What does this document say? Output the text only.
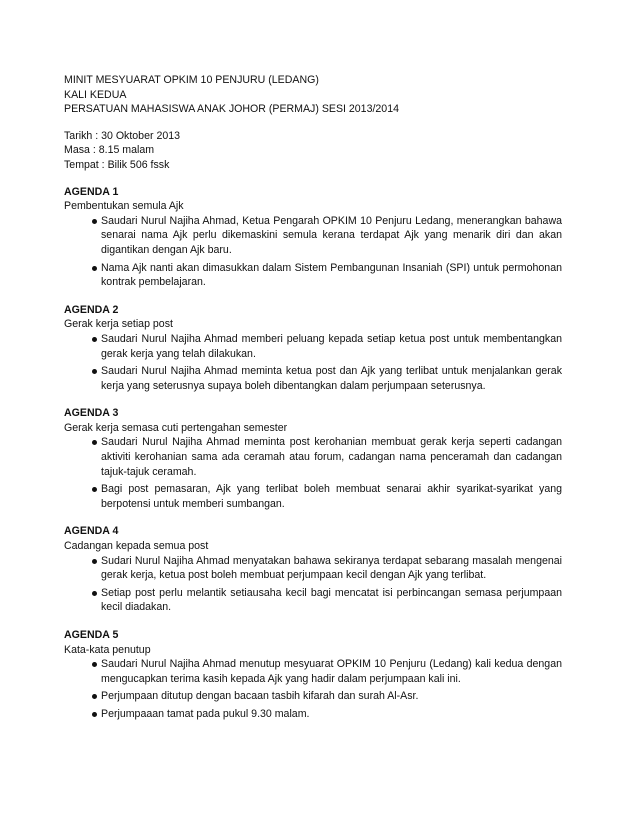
MINIT MESYUARAT OPKIM 10 PENJURU (LEDANG)
KALI KEDUA
PERSATUAN MAHASISWA ANAK JOHOR (PERMAJ) SESI 2013/2014
Tarikh : 30 Oktober 2013
Masa : 8.15 malam
Tempat : Bilik 506 fssk
AGENDA 1
Pembentukan semula Ajk
Saudari Nurul Najiha Ahmad, Ketua Pengarah OPKIM 10 Penjuru Ledang, menerangkan bahawa senarai nama Ajk perlu dikemaskini semula kerana terdapat Ajk yang menarik diri dan akan digantikan dengan Ajk baru.
Nama Ajk nanti akan dimasukkan dalam Sistem Pembangunan Insaniah (SPI) untuk permohonan kontrak pembelajaran.
AGENDA 2
Gerak kerja setiap post
Saudari Nurul Najiha Ahmad memberi peluang kepada setiap ketua post untuk membentangkan gerak kerja yang telah dilakukan.
Saudari Nurul Najiha Ahmad meminta ketua post dan Ajk yang terlibat untuk menjalankan gerak kerja yang seterusnya supaya boleh dibentangkan dalam perjumpaan seterusnya.
AGENDA 3
Gerak kerja semasa cuti pertengahan semester
Saudari Nurul Najiha Ahmad meminta post kerohanian membuat gerak kerja seperti cadangan aktiviti kerohanian sama ada ceramah atau forum, cadangan nama penceramah dan cadangan tajuk-tajuk ceramah.
Bagi post pemasaran, Ajk yang terlibat boleh membuat senarai akhir syarikat-syarikat yang berpotensi untuk memberi sumbangan.
AGENDA 4
Cadangan kepada semua post
Sudari Nurul Najiha Ahmad menyatakan bahawa sekiranya terdapat sebarang masalah mengenai gerak kerja, ketua post boleh membuat perjumpaan kecil dengan Ajk yang terlibat.
Setiap post perlu melantik setiausaha kecil bagi mencatat isi perbincangan semasa perjumpaan kecil diadakan.
AGENDA 5
Kata-kata penutup
Saudari Nurul Najiha Ahmad menutup mesyuarat OPKIM 10 Penjuru (Ledang) kali kedua dengan mengucapkan terima kasih kepada Ajk yang hadir dalam perjumpaan kali ini.
Perjumpaan ditutup dengan bacaan tasbih kifarah dan surah Al-Asr.
Perjumpaaan tamat pada pukul 9.30 malam.
